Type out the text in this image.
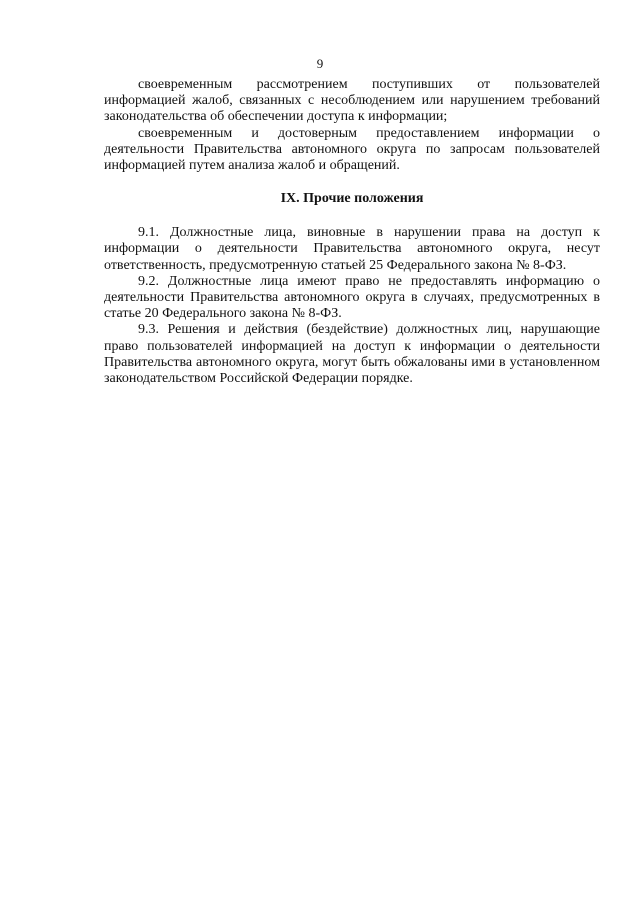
9

своевременным рассмотрением поступивших от пользователей информацией жалоб, связанных с несоблюдением или нарушением требований законодательства об обеспечении доступа к информации;

своевременным и достоверным предоставлением информации о деятельности Правительства автономного округа по запросам пользователей информацией путем анализа жалоб и обращений.

IX. Прочие положения

9.1. Должностные лица, виновные в нарушении права на доступ к информации о деятельности Правительства автономного округа, несут ответственность, предусмотренную статьей 25 Федерального закона № 8-ФЗ.

9.2. Должностные лица имеют право не предоставлять информацию о деятельности Правительства автономного округа в случаях, предусмотренных в статье 20 Федерального закона № 8-ФЗ.

9.3. Решения и действия (бездействие) должностных лиц, нарушающие право пользователей информацией на доступ к информации о деятельности Правительства автономного округа, могут быть обжалованы ими в установленном законодательством Российской Федерации порядке.
